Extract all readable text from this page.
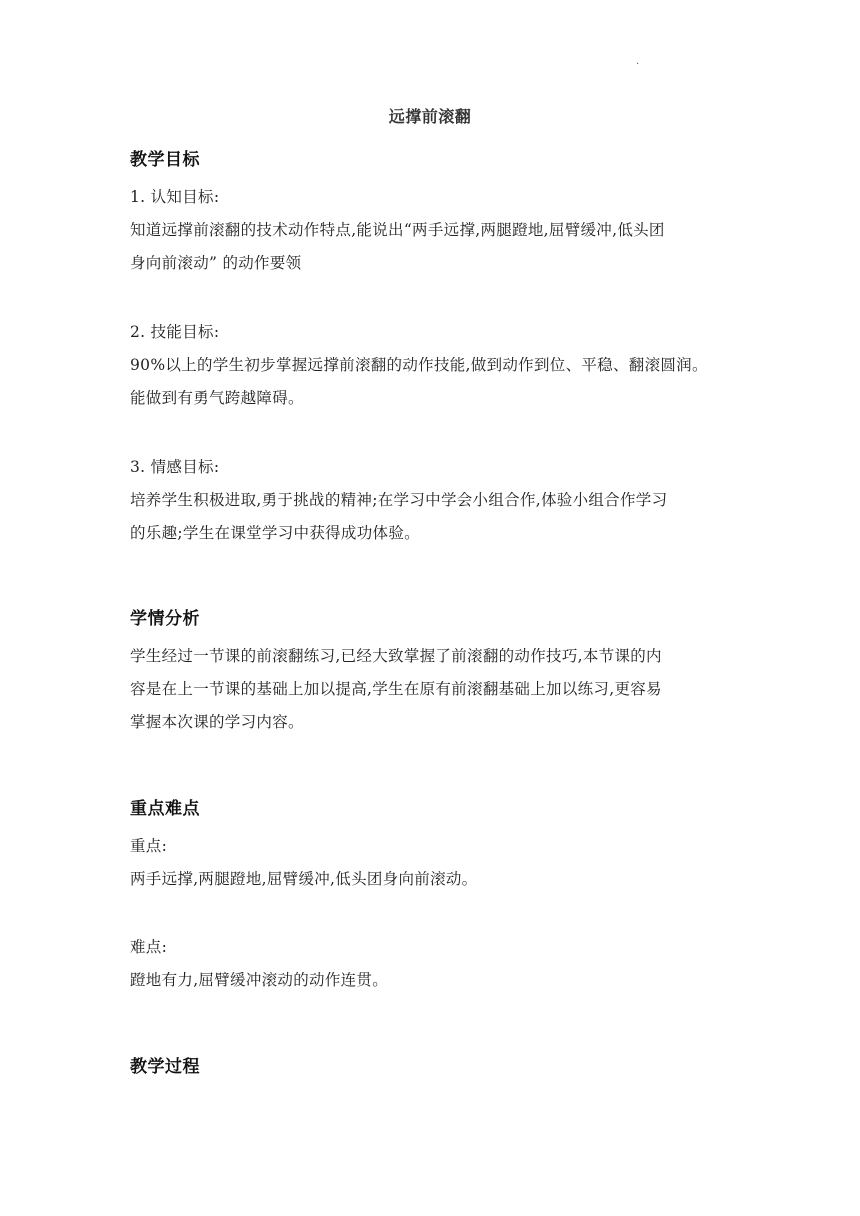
.
远撑前滚翻
教学目标
1. 认知目标:
知道远撑前滚翻的技术动作特点,能说出“两手远撑,两腿蹬地,屈臂缓冲,低头团
身向前滚动” 的动作要领
2. 技能目标:
90%以上的学生初步掌握远撑前滚翻的动作技能,做到动作到位、平稳、翻滚圆润。
能做到有勇气跨越障碍。
3. 情感目标:
培养学生积极进取,勇于挑战的精神;在学习中学会小组合作,体验小组合作学习
的乐趣;学生在课堂学习中获得成功体验。
学情分析
学生经过一节课的前滚翻练习,已经大致掌握了前滚翻的动作技巧,本节课的内
容是在上一节课的基础上加以提高,学生在原有前滚翻基础上加以练习,更容易
掌握本次课的学习内容。
重点难点
重点:
两手远撑,两腿蹬地,屈臂缓冲,低头团身向前滚动。
难点:
蹬地有力,屈臂缓冲滚动的动作连贯。
教学过程
